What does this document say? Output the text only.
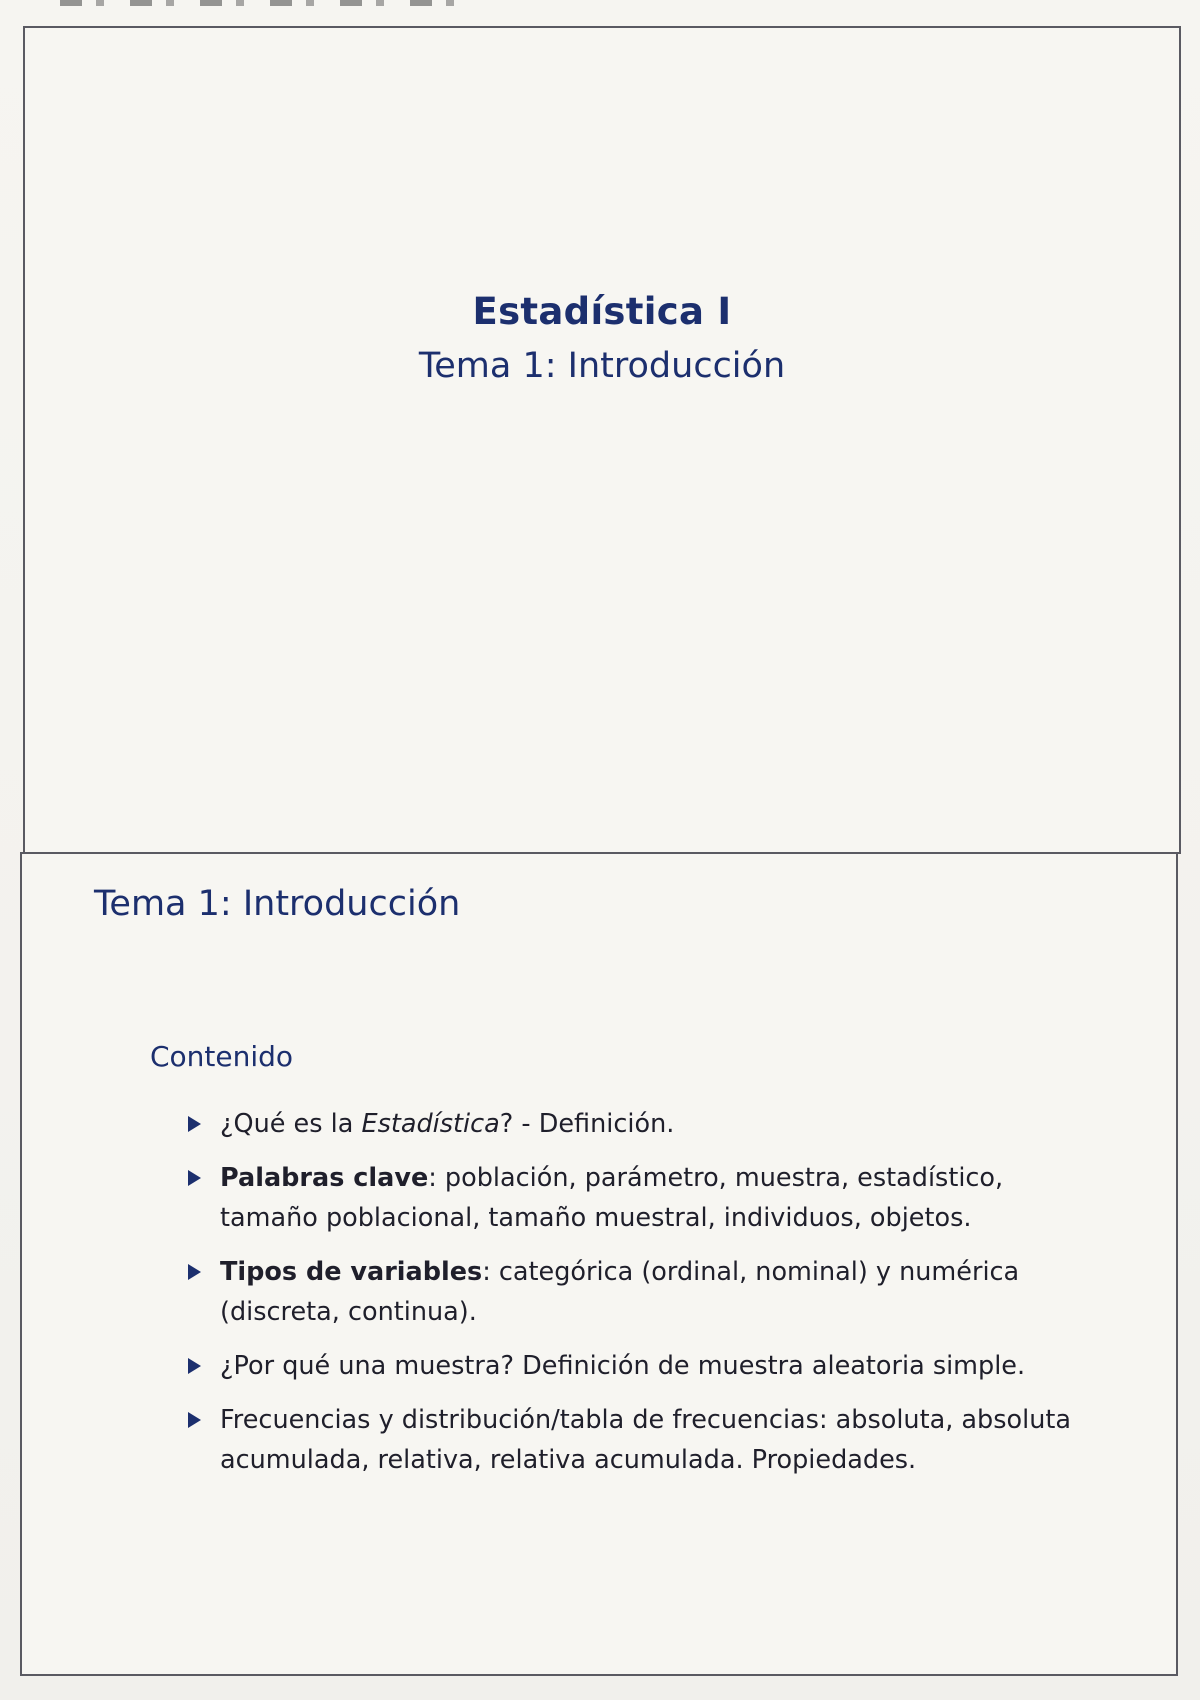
Estadística I
Tema 1: Introducción
Tema 1: Introducción
Contenido
¿Qué es la Estadística? - Definición.
Palabras clave: población, parámetro, muestra, estadístico, tamaño poblacional, tamaño muestral, individuos, objetos.
Tipos de variables: categórica (ordinal, nominal) y numérica (discreta, continua).
¿Por qué una muestra? Definición de muestra aleatoria simple.
Frecuencias y distribución/tabla de frecuencias: absoluta, absoluta acumulada, relativa, relativa acumulada. Propiedades.
